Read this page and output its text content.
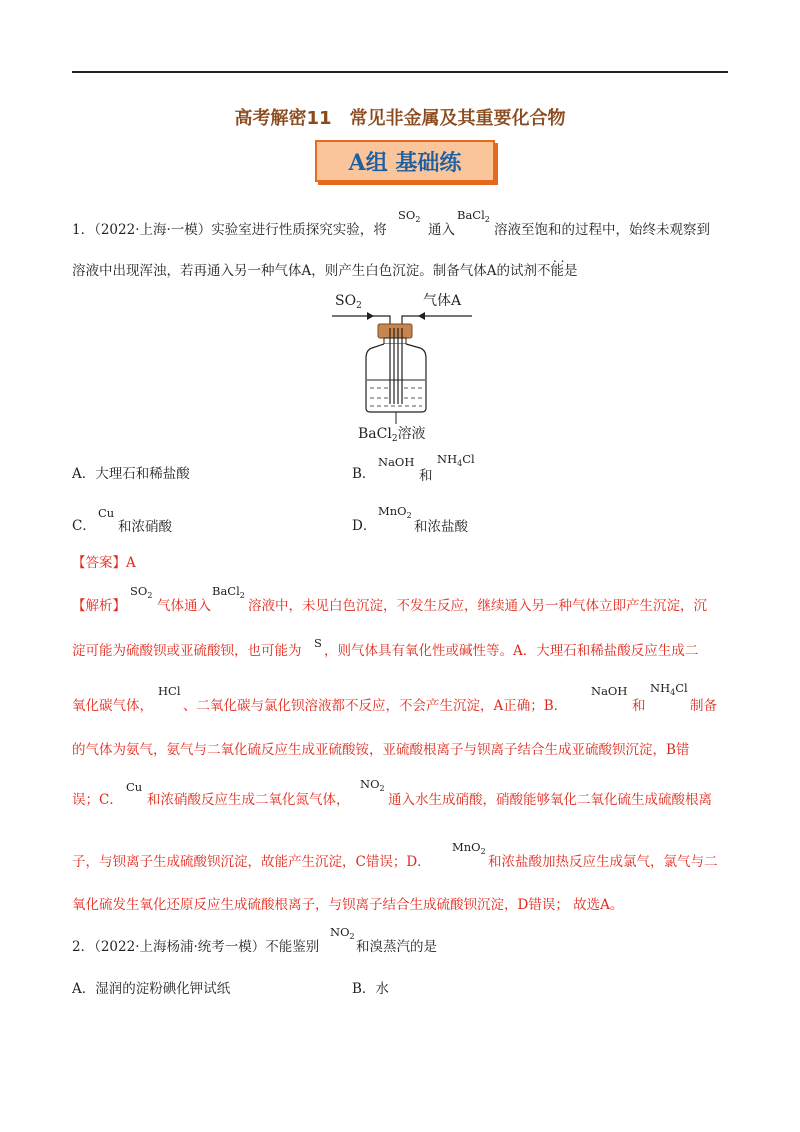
高考解密11　常见非金属及其重要化合物
A组 基础练
1．（2022·上海·一模）实验室进行性质探究实验，将
$SO_2$
通入
BaCl$_2$
溶液至饱和的过程中，始终未观察到
溶液中出现浑浊，若再通入另一种气体A，则产生白色沉淀。制备气体A的试剂不能是
. .
$SO_2$	气体A
BaCl$_2$溶液
A．大理石和稀盐酸	B．
NaOH
和
$NH_4Cl$
C．
Cu
和浓硝酸	D．
MnO$_2$
和浓盐酸
【答案】A
【解析】
$SO_2$
气体通入
BaCl$_2$
溶液中，未见白色沉淀，不发生反应，继续通入另一种气体立即产生沉淀，沉
淀可能为硫酸钡或亚硫酸钡，也可能为 S ，则气体具有氧化性或碱性等。A．大理石和稀盐酸反应生成二
氧化碳气体，
HCl
、二氧化碳与氯化钡溶液都不反应，不会产生沉淀，A正确；B．
NaOH
和
$NH_4Cl$
制备
的气体为氨气，氨气与二氧化硫反应生成亚硫酸铵，亚硫酸根离子与钡离子结合生成亚硫酸钡沉淀，B错
误；C．
Cu
和浓硝酸反应生成二氧化氮气体，
$NO_2$
通入水生成硝酸，硝酸能够氧化二氧化硫生成硫酸根离
子，与钡离子生成硫酸钡沉淀，故能产生沉淀，C错误；D．
MnO$_2$
和浓盐酸加热反应生成氯气，氯气与二
氧化硫发生氧化还原反应生成硫酸根离子，与钡离子结合生成硫酸钡沉淀，D错误； 故选A。
2．（2022·上海杨浦·统考一模）不能鉴别
$NO_2$
和溴蒸汽的是
A．湿润的淀粉碘化钾试纸	B．水
